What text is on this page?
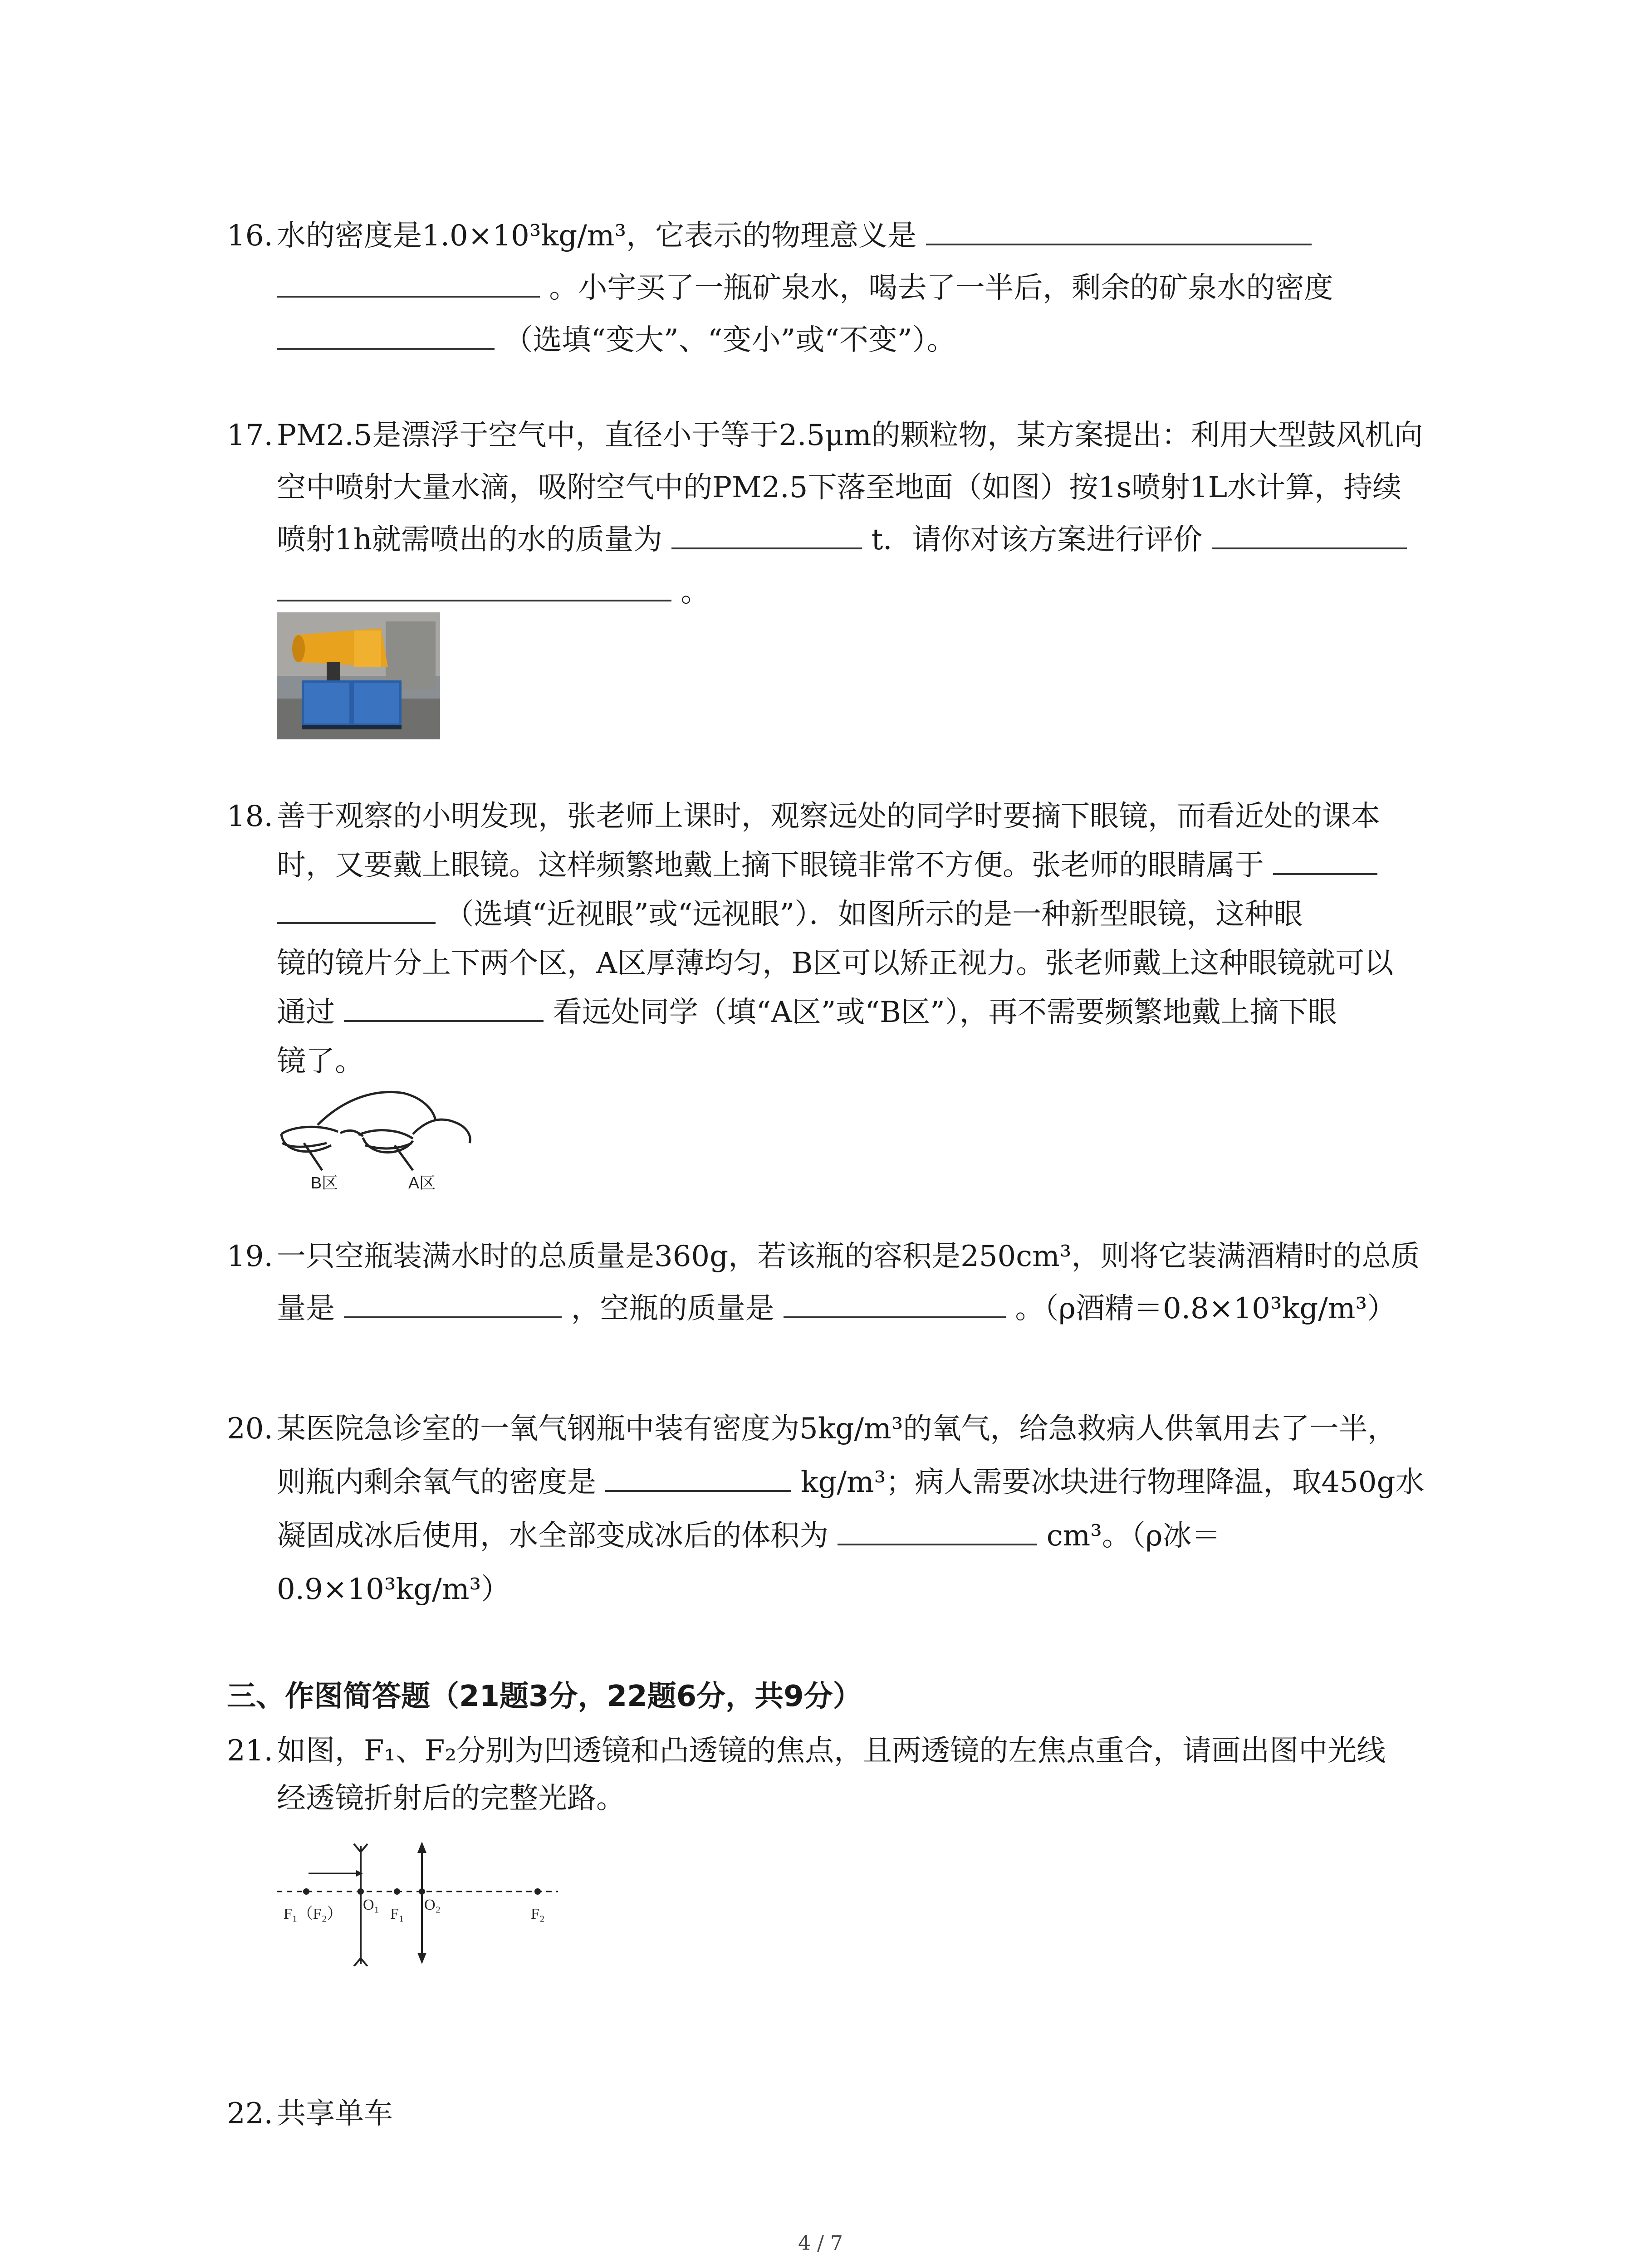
16. 水的密度是1.0×10³kg/m³，它表示的物理意义是
。小宇买了一瓶矿泉水，喝去了一半后，剩余的矿泉水的密度
（选填“变大”、“变小”或“不变”）。
17. PM2.5是漂浮于空气中，直径小于等于2.5μm的颗粒物，某方案提出：利用大型鼓风机向
空中喷射大量水滴，吸附空气中的PM2.5下落至地面（如图）按1s喷射1L水计算，持续
喷射1h就需喷出的水的质量为	t．请你对该方案进行评价
。
18. 善于观察的小明发现，张老师上课时，观察远处的同学时要摘下眼镜，而看近处的课本
时，又要戴上眼镜。这样频繁地戴上摘下眼镜非常不方便。张老师的眼睛属于
（选填“近视眼”或“远视眼”）．如图所示的是一种新型眼镜，这种眼
镜的镜片分上下两个区，A区厚薄均匀，B区可以矫正视力。张老师戴上这种眼镜就可以
通过	看远处同学（填“A区”或“B区”），再不需要频繁地戴上摘下眼
镜了。
B区	A区
19. 一只空瓶装满水时的总质量是360g，若该瓶的容积是250cm³，则将它装满酒精时的总质
量是	，空瓶的质量是	。（ρ酒精＝0.8×10³kg/m³）
20. 某医院急诊室的一氧气钢瓶中装有密度为5kg/m³的氧气，给急救病人供氧用去了一半，
则瓶内剩余氧气的密度是	kg/m³；病人需要冰块进行物理降温，取450g水
凝固成冰后使用，水全部变成冰后的体积为	cm³。（ρ冰＝
0.9×10³kg/m³）
三、作图简答题（21题3分，22题6分，共9分）
21. 如图，F₁、F₂分别为凹透镜和凸透镜的焦点，且两透镜的左焦点重合，请画出图中光线
经透镜折射后的完整光路。
F₁（F₂）
O₁
F₁
O₂
F₂
22. 共享单车
4 / 7
